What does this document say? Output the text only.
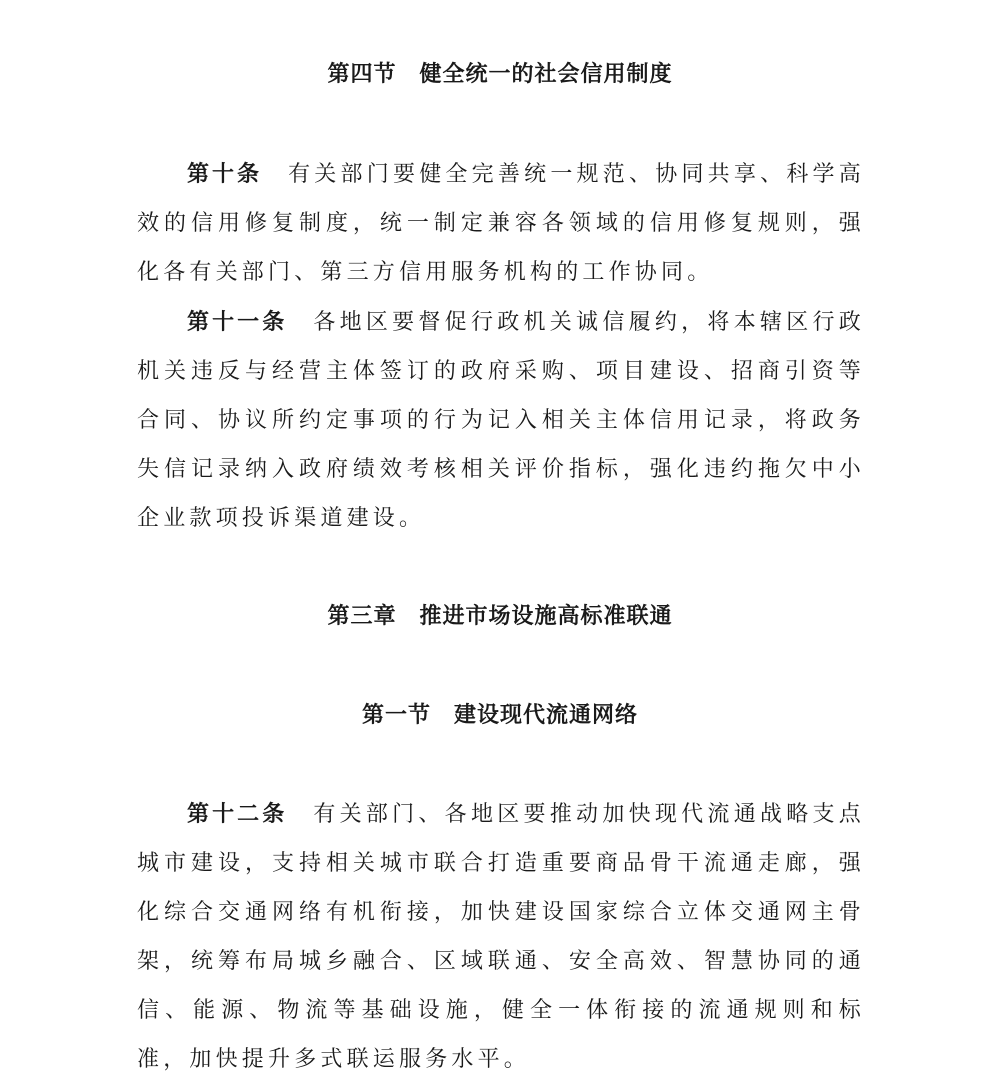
第四节　健全统一的社会信用制度
第十条 有关部门要健全完善统一规范、协同共享、科学高效的信用修复制度，统一制定兼容各领域的信用修复规则，强化各有关部门、第三方信用服务机构的工作协同。
第十一条 各地区要督促行政机关诚信履约，将本辖区行政机关违反与经营主体签订的政府采购、项目建设、招商引资等合同、协议所约定事项的行为记入相关主体信用记录，将政务失信记录纳入政府绩效考核相关评价指标，强化违约拖欠中小企业款项投诉渠道建设。
第三章　推进市场设施高标准联通
第一节　建设现代流通网络
第十二条 有关部门、各地区要推动加快现代流通战略支点城市建设，支持相关城市联合打造重要商品骨干流通走廊，强化综合交通网络有机衔接，加快建设国家综合立体交通网主骨架，统筹布局城乡融合、区域联通、安全高效、智慧协同的通信、能源、物流等基础设施，健全一体衔接的流通规则和标准，加快提升多式联运服务水平。
